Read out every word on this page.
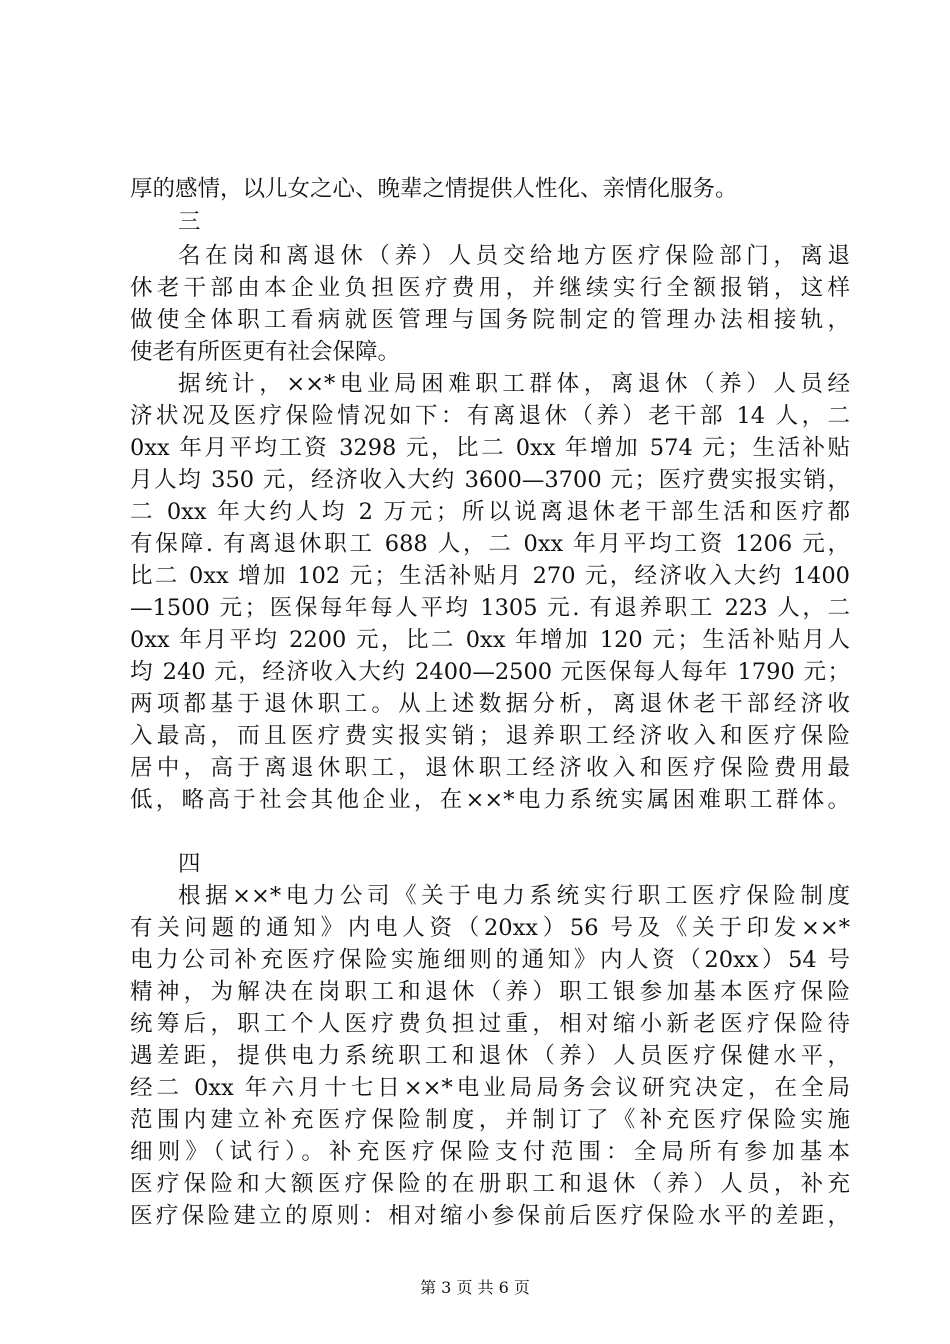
厚的感情，以儿女之心、晚辈之情提供人性化、亲情化服务。
三
名在岗和离退休（养）人员交给地方医疗保险部门，离退
休老干部由本企业负担医疗费用，并继续实行全额报销，这样
做使全体职工看病就医管理与国务院制定的管理办法相接轨，
使老有所医更有社会保障。
据统计，××*电业局困难职工群体，离退休（养）人员经
济状况及医疗保险情况如下：有离退休（养）老干部 14 人，二
0xx 年月平均工资 3298 元，比二 0xx 年增加 574 元；生活补贴
月人均 350 元，经济收入大约 3600—3700 元；医疗费实报实销，
二 0xx 年大约人均 2 万元；所以说离退休老干部生活和医疗都
有保障. 有离退休职工 688 人，二 0xx 年月平均工资 1206 元，
比二 0xx 增加 102 元；生活补贴月 270 元，经济收入大约 1400
—1500 元；医保每年每人平均 1305 元. 有退养职工 223 人，二
0xx 年月平均 2200 元，比二 0xx 年增加 120 元；生活补贴月人
均 240 元，经济收入大约 2400—2500 元医保每人每年 1790 元；
两项都基于退休职工。从上述数据分析，离退休老干部经济收
入最高，而且医疗费实报实销；退养职工经济收入和医疗保险
居中，高于离退休职工，退休职工经济收入和医疗保险费用最
低，略高于社会其他企业，在××*电力系统实属困难职工群体。
四
根据××*电力公司《关于电力系统实行职工医疗保险制度
有关问题的通知》内电人资（20xx）56 号及《关于印发××*
电力公司补充医疗保险实施细则的通知》内人资（20xx）54 号
精神，为解决在岗职工和退休（养）职工银参加基本医疗保险
统筹后，职工个人医疗费负担过重，相对缩小新老医疗保险待
遇差距，提供电力系统职工和退休（养）人员医疗保健水平，
经二 0xx 年六月十七日××*电业局局务会议研究决定，在全局
范围内建立补充医疗保险制度，并制订了《补充医疗保险实施
细则》（试行）。补充医疗保险支付范围：全局所有参加基本
医疗保险和大额医疗保险的在册职工和退休（养）人员，补充
医疗保险建立的原则：相对缩小参保前后医疗保险水平的差距，
第 3 页 共 6 页
